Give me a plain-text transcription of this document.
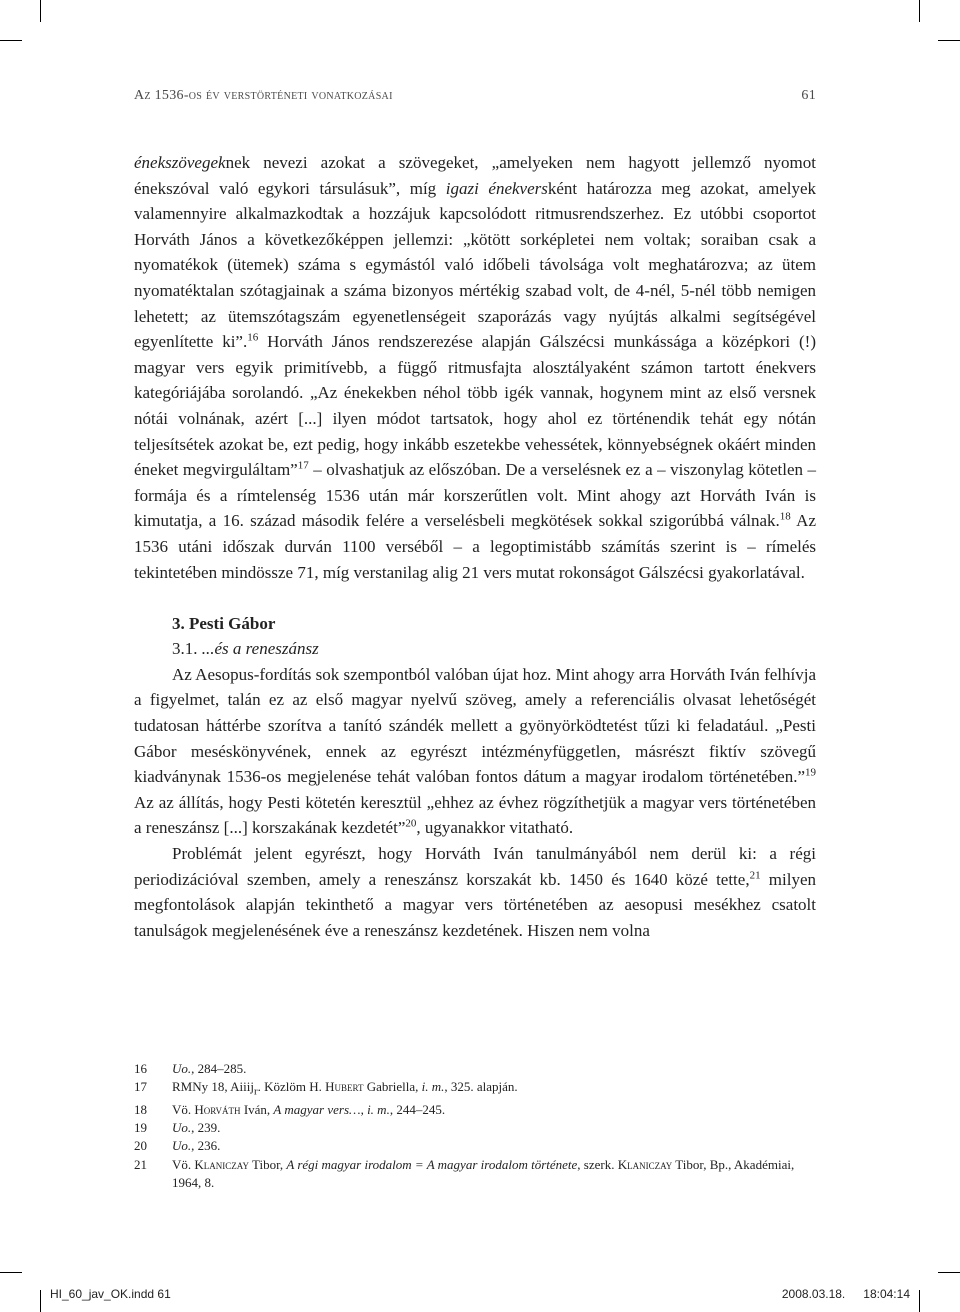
Az 1536-os év verstörténeti vonatkozásai	61

énekszövegeknek nevezi azokat a szövegeket, „amelyeken nem hagyott jellemző nyomot énekszóval való egykori társulásuk”, míg igazi énekversként határozza meg azokat, amelyek valamennyire alkalmazkodtak a hozzájuk kapcsolódott ritmusrendszerhez. Ez utóbbi csoportot Horváth János a következőképpen jellemzi: „kötött sorképletei nem voltak; soraiban csak a nyomatékok (ütemek) száma s egymástól való időbeli távolsága volt meghatározva; az ütem nyomatéktalan szótagjainak a száma bizonyos mértékig szabad volt, de 4-nél, 5-nél több nemigen lehetett; az ütemszótagszám egyenetlenségeit szaporázás vagy nyújtás alkalmi segítségével egyenlítette ki”.$^{16}$ Horváth János rendszerezése alapján Gálszécsi munkássága a középkori (!) magyar vers egyik primitívebb, a függő ritmusfajta alosztályaként számon tartott énekvers kategóriájába sorolandó. „Az énekekben néhol több igék vannak, hogynem mint az első versnek nótái volnának, azért [...] ilyen módot tartsatok, hogy ahol ez történendik tehát egy nótán teljesítsétek azokat be, ezt pedig, hogy inkább eszetekbe vehessétek, könnyebségnek okáért minden éneket megvirguláltam”$^{17}$ – olvashatjuk az előszóban. De a verselésnek ez a – viszonylag kötetlen – formája és a rímtelenség 1536 után már korszerűtlen volt. Mint ahogy azt Horváth Iván is kimutatja, a 16. század második felére a verselésbeli megkötések sokkal szigorúbbá válnak.$^{18}$ Az 1536 utáni időszak durván 1100 verséből – a legoptimistább számítás szerint is – rímelés tekintetében mindössze 71, míg verstanilag alig 21 vers mutat rokonságot Gálszécsi gyakorlatával.

3. Pesti Gábor
3.1. ...és a reneszánsz

Az Aesopus-fordítás sok szempontból valóban újat hoz. Mint ahogy arra Horváth Iván felhívja a figyelmet, talán ez az első magyar nyelvű szöveg, amely a referenciális olvasat lehetőségét tudatosan háttérbe szorítva a tanító szándék mellett a gyönyörködtetést tűzi ki feladatául. „Pesti Gábor meséskönyvének, ennek az egyrészt intézményfüggetlen, másrészt fiktív szövegű kiadványnak 1536-os megjelenése tehát valóban fontos dátum a magyar irodalom történetében.”$^{19}$ Az az állítás, hogy Pesti kötetén keresztül „ehhez az évhez rögzíthetjük a magyar vers történetében a reneszánsz [...] korszakának kezdetét”$^{20}$, ugyanakkor vitatható.

Problémát jelent egyrészt, hogy Horváth Iván tanulmányából nem derül ki: a régi periodizációval szemben, amely a reneszánsz korszakát kb. 1450 és 1640 közé tette,$^{21}$ milyen megfontolások alapján tekinthető a magyar vers történetében az aesopusi mesékhez csatolt tanulságok megjelenésének éve a reneszánsz kezdetének. Hiszen nem volna

16 Uo., 284–285.
17 RMNy 18, Aiiij$_r$. Közlöm H. Hubert Gabriella, i. m., 325. alapján.
18 Vö. Horváth Iván, A magyar vers…, i. m., 244–245.
19 Uo., 239.
20 Uo., 236.
21 Vö. Klaniczay Tibor, A régi magyar irodalom = A magyar irodalom története, szerk. Klaniczay Tibor, Bp., Akadémiai, 1964, 8.
HI_60_jav_OK.indd 61	2008.03.18. 18:04:14
